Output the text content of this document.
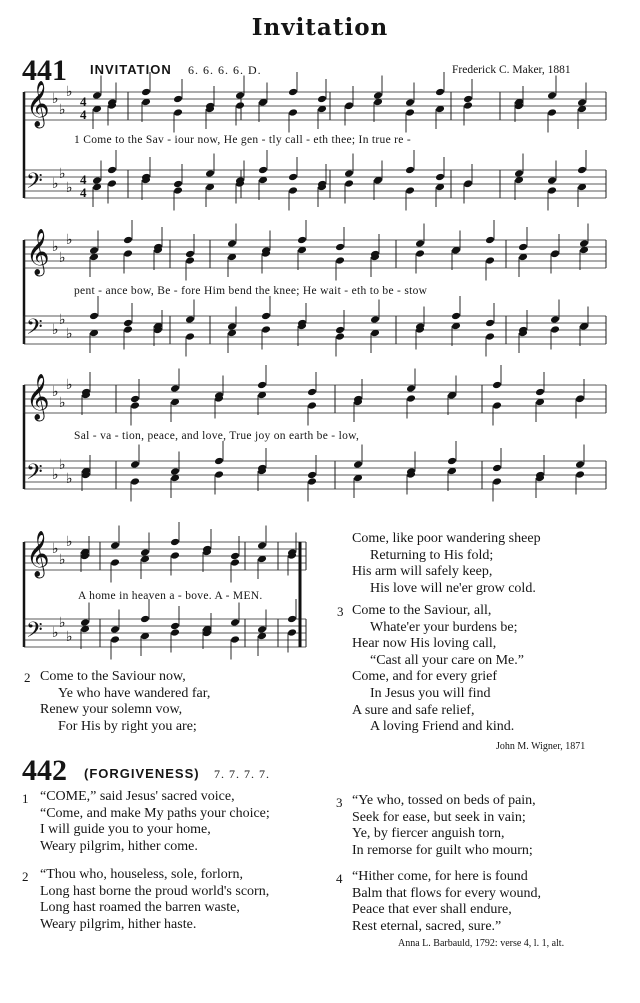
Invitation
441 INVITATION 6. 6. 6. 6. D.	Frederick C. Maker, 1881
𝄞 ♭
♭
♭
𝄢 ♭
♭
♭
4
4
4
4
𝄞 ♭
♭
♭
𝄢 ♭
♭
♭
𝄞 ♭
♭
♭
𝄢 ♭
♭
♭
𝄞 ♭
♭
♭
𝄢 ♭
♭
♭
1 Come to the Sav - iour now, He gen - tly call - eth thee; In true re -
pent - ance bow, Be - fore Him bend the knee; He wait - eth to be - stow
Sal - va - tion, peace, and love, True joy on earth be - low,
A home in heaven a - bove. A - MEN.
2 Come to the Saviour now,
Ye who have wandered far,
Renew your solemn vow,
For His by right you are;
Come, like poor wandering sheep
Returning to His fold;
His arm will safely keep,
His love will ne'er grow cold.
3 Come to the Saviour, all,
Whate'er your burdens be;
Hear now His loving call,
“Cast all your care on Me.”
Come, and for every grief
In Jesus you will find
A sure and safe relief,
A loving Friend and kind.
John M. Wigner, 1871
442 (FORGIVENESS) 7. 7. 7. 7.
1 “COME,” said Jesus' sacred voice,
“Come, and make My paths your choice;
I will guide you to your home,
Weary pilgrim, hither come.
2 “Thou who, houseless, sole, forlorn,
Long hast borne the proud world's scorn,
Long hast roamed the barren waste,
Weary pilgrim, hither haste.
3 “Ye who, tossed on beds of pain,
Seek for ease, but seek in vain;
Ye, by fiercer anguish torn,
In remorse for guilt who mourn;
4 “Hither come, for here is found
Balm that flows for every wound,
Peace that ever shall endure,
Rest eternal, sacred, sure.”
Anna L. Barbauld, 1792: verse 4, l. 1, alt.
